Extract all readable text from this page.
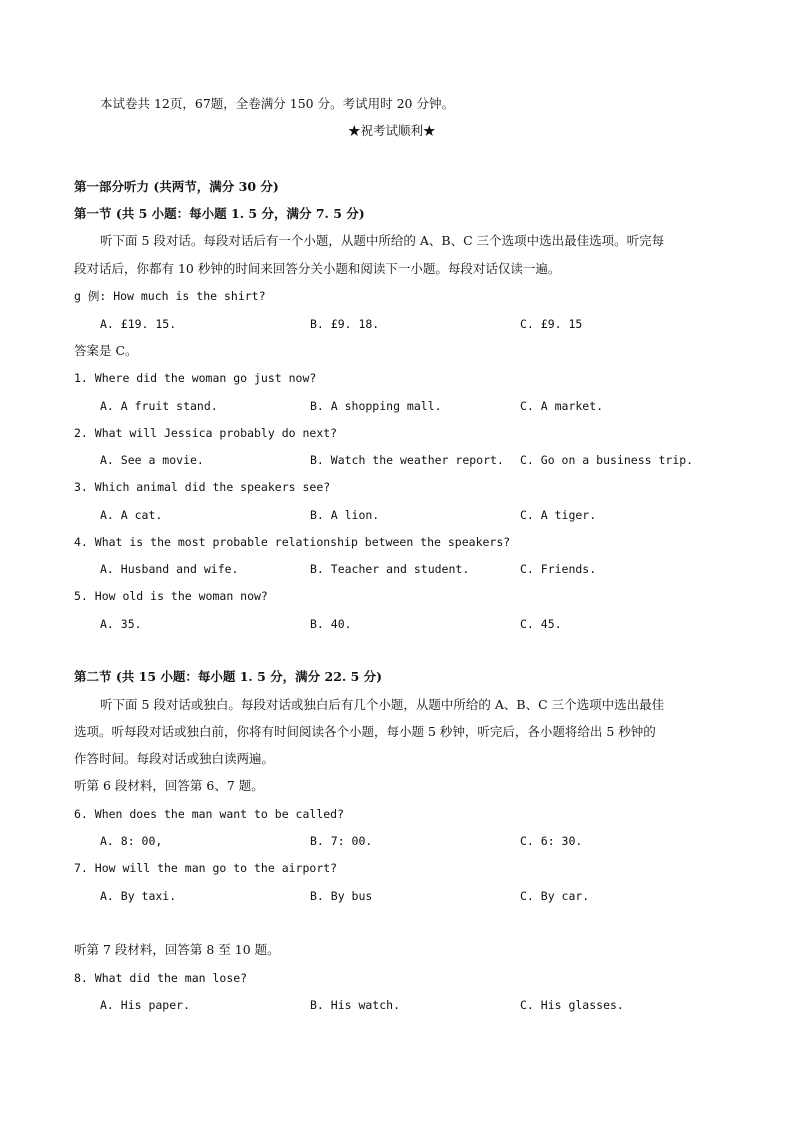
本试卷共 12页，67题，全卷满分 150 分。考试用时 20 分钟。
★祝考试顺利★
第一部分听力 (共两节，满分 30 分)
第一节 (共 5 小题：每小题 1. 5 分，满分 7. 5 分)
听下面 5 段对话。每段对话后有一个小题，从题中所给的 A、B、C 三个选项中选出最佳选项。听完每
段对话后，你都有 10 秒钟的时间来回答分关小题和阅读下一小题。每段对话仅读一遍。
g 例: How much is the shirt?
A. £19. 15.	B. £9. 18.	C. £9. 15
答案是 C。
1. Where did the woman go just now?
A. A fruit stand.	B. A shopping mall.	C. A market.
2. What will Jessica probably do next?
A. See a movie.	B. Watch the weather report. C. Go on a business trip.
3. Which animal did the speakers see?
A. A cat.	B. A lion.	C. A tiger.
4. What is the most probable relationship between the speakers?
A. Husband and wife.	B. Teacher and student.	C. Friends.
5. How old is the woman now?
A. 35.	B. 40.	C. 45.
第二节 (共 15 小题：每小题 1. 5 分，满分 22. 5 分)
听下面 5 段对话或独白。每段对话或独白后有几个小题，从题中所给的 A、B、C 三个选项中选出最佳
选项。听每段对话或独白前，你将有时间阅读各个小题，每小题 5 秒钟，听完后，各小题将给出 5 秒钟的
作答时间。每段对话或独白读两遍。
听第 6 段材料，回答第 6、7 题。
6. When does the man want to be called?
A. 8: 00,	B. 7: 00.	C. 6: 30.
7. How will the man go to the airport?
A. By taxi.	B. By bus	C. By car.
听第 7 段材料，回答第 8 至 10 题。
8. What did the man lose?
A. His paper.	B. His watch.	C. His glasses.
